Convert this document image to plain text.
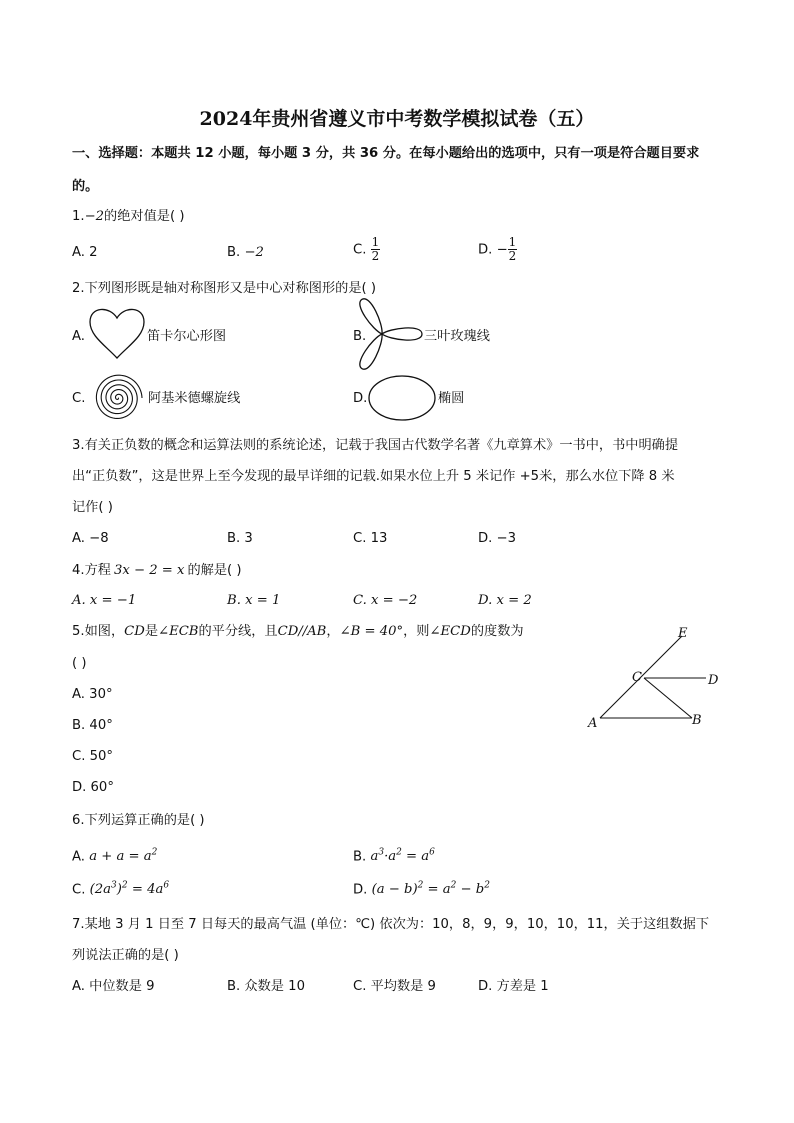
2024年贵州省遵义市中考数学模拟试卷（五）
一、选择题：本题共 12 小题，每小题 3 分，共 36 分。在每小题给出的选项中，只有一项是符合题目要求
的。
1.−2的绝对值是( )
A. 2	B. −2	C. $\frac{1}{2}$	D. − $\frac{1}{2}$
2.下列图形既是轴对称图形又是中心对称图形的是( )
A.	笛卡尔心形图	B.	三叶玫瑰线
C.	阿基米德螺旋线	D.	椭圆
3.有关正负数的概念和运算法则的系统论述，记载于我国古代数学名著《九章算术》一书中，书中明确提
出“正负数”，这是世界上至今发现的最早详细的记载.如果水位上升 5 米记作 +5米，那么水位下降 8 米
记作( )
A. −8	B. 3	C. 13	D. −3
4.方程 3x − 2 = x 的解是( )
A. x = −1	B. x = 1	C. x = −2	D. x = 2
5.如图，CD是∠ECB的平分线，且CD//AB，∠B = 40°，则∠ECD的度数为
( )
A. 30°
B. 40°
C. 50°
D. 60°
E
C	D
A	B
6.下列运算正确的是( )
A. $a + a = a^2$	B. $a^3\cdot a^2 = a^6$
C. $(2a^3)^2 = 4a^6$	D. $(a - b)^2 = a^2 - b^2$
7.某地 3 月 1 日至 7 日每天的最高气温 (单位：℃) 依次为：10，8，9，9，10，10，11，关于这组数据下
列说法正确的是( )
A. 中位数是 9	B. 众数是 10	C. 平均数是 9	D. 方差是 1
